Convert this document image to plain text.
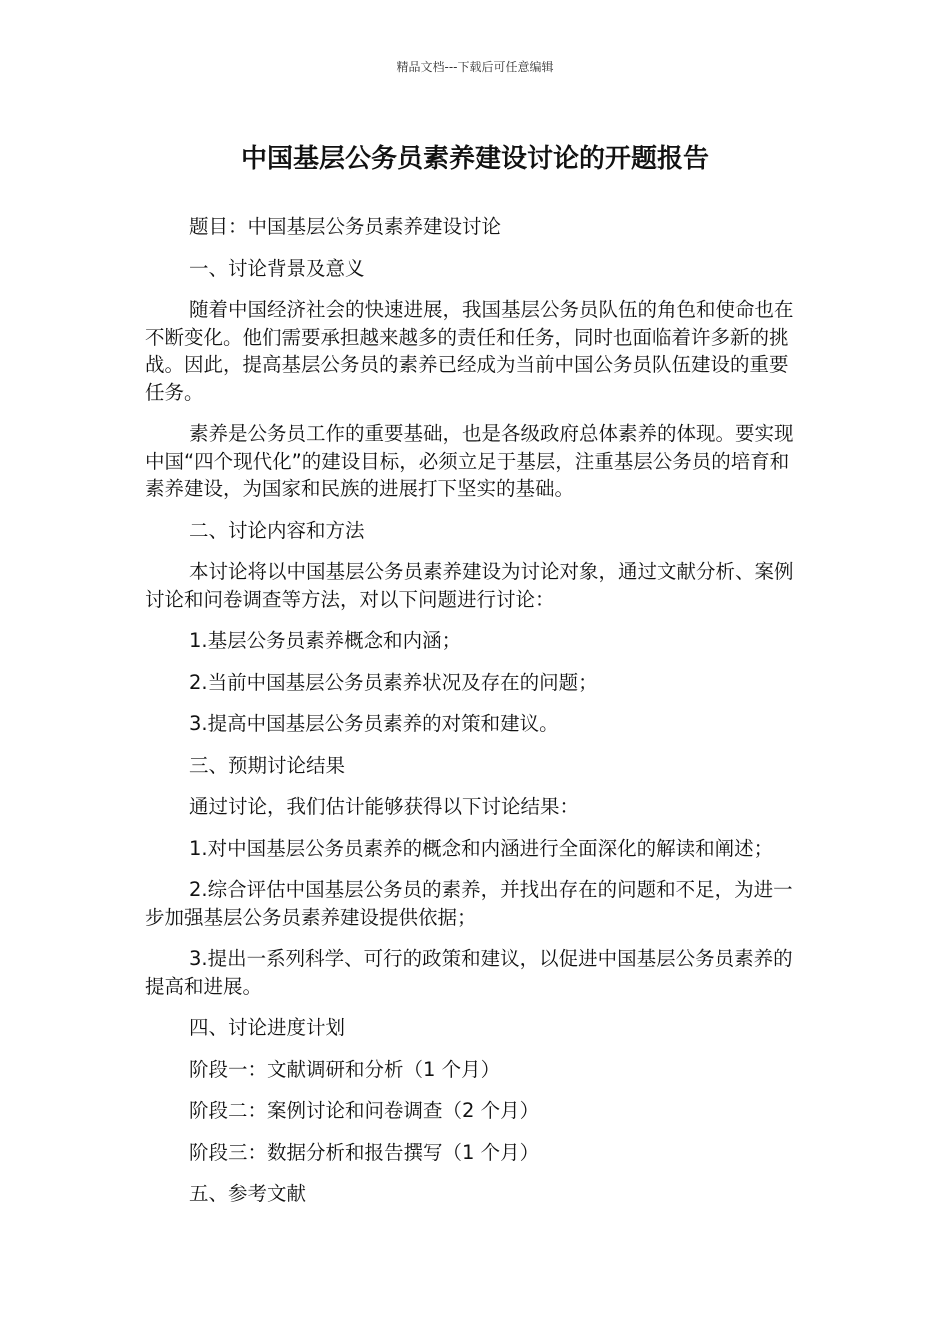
精品文档---下载后可任意编辑
中国基层公务员素养建设讨论的开题报告

题目：中国基层公务员素养建设讨论

一、讨论背景及意义

随着中国经济社会的快速进展，我国基层公务员队伍的角色和使命也在不断变化。他们需要承担越来越多的责任和任务，同时也面临着许多新的挑战。因此，提高基层公务员的素养已经成为当前中国公务员队伍建设的重要任务。

素养是公务员工作的重要基础，也是各级政府总体素养的体现。要实现中国“四个现代化”的建设目标，必须立足于基层，注重基层公务员的培育和素养建设，为国家和民族的进展打下坚实的基础。

二、讨论内容和方法

本讨论将以中国基层公务员素养建设为讨论对象，通过文献分析、案例讨论和问卷调查等方法，对以下问题进行讨论：

1.基层公务员素养概念和内涵；

2.当前中国基层公务员素养状况及存在的问题；

3.提高中国基层公务员素养的对策和建议。

三、预期讨论结果

通过讨论，我们估计能够获得以下讨论结果：

1.对中国基层公务员素养的概念和内涵进行全面深化的解读和阐述；

2.综合评估中国基层公务员的素养，并找出存在的问题和不足，为进一步加强基层公务员素养建设提供依据；

3.提出一系列科学、可行的政策和建议，以促进中国基层公务员素养的提高和进展。

四、讨论进度计划

阶段一：文献调研和分析（1 个月）

阶段二：案例讨论和问卷调查（2 个月）

阶段三：数据分析和报告撰写（1 个月）

五、参考文献
